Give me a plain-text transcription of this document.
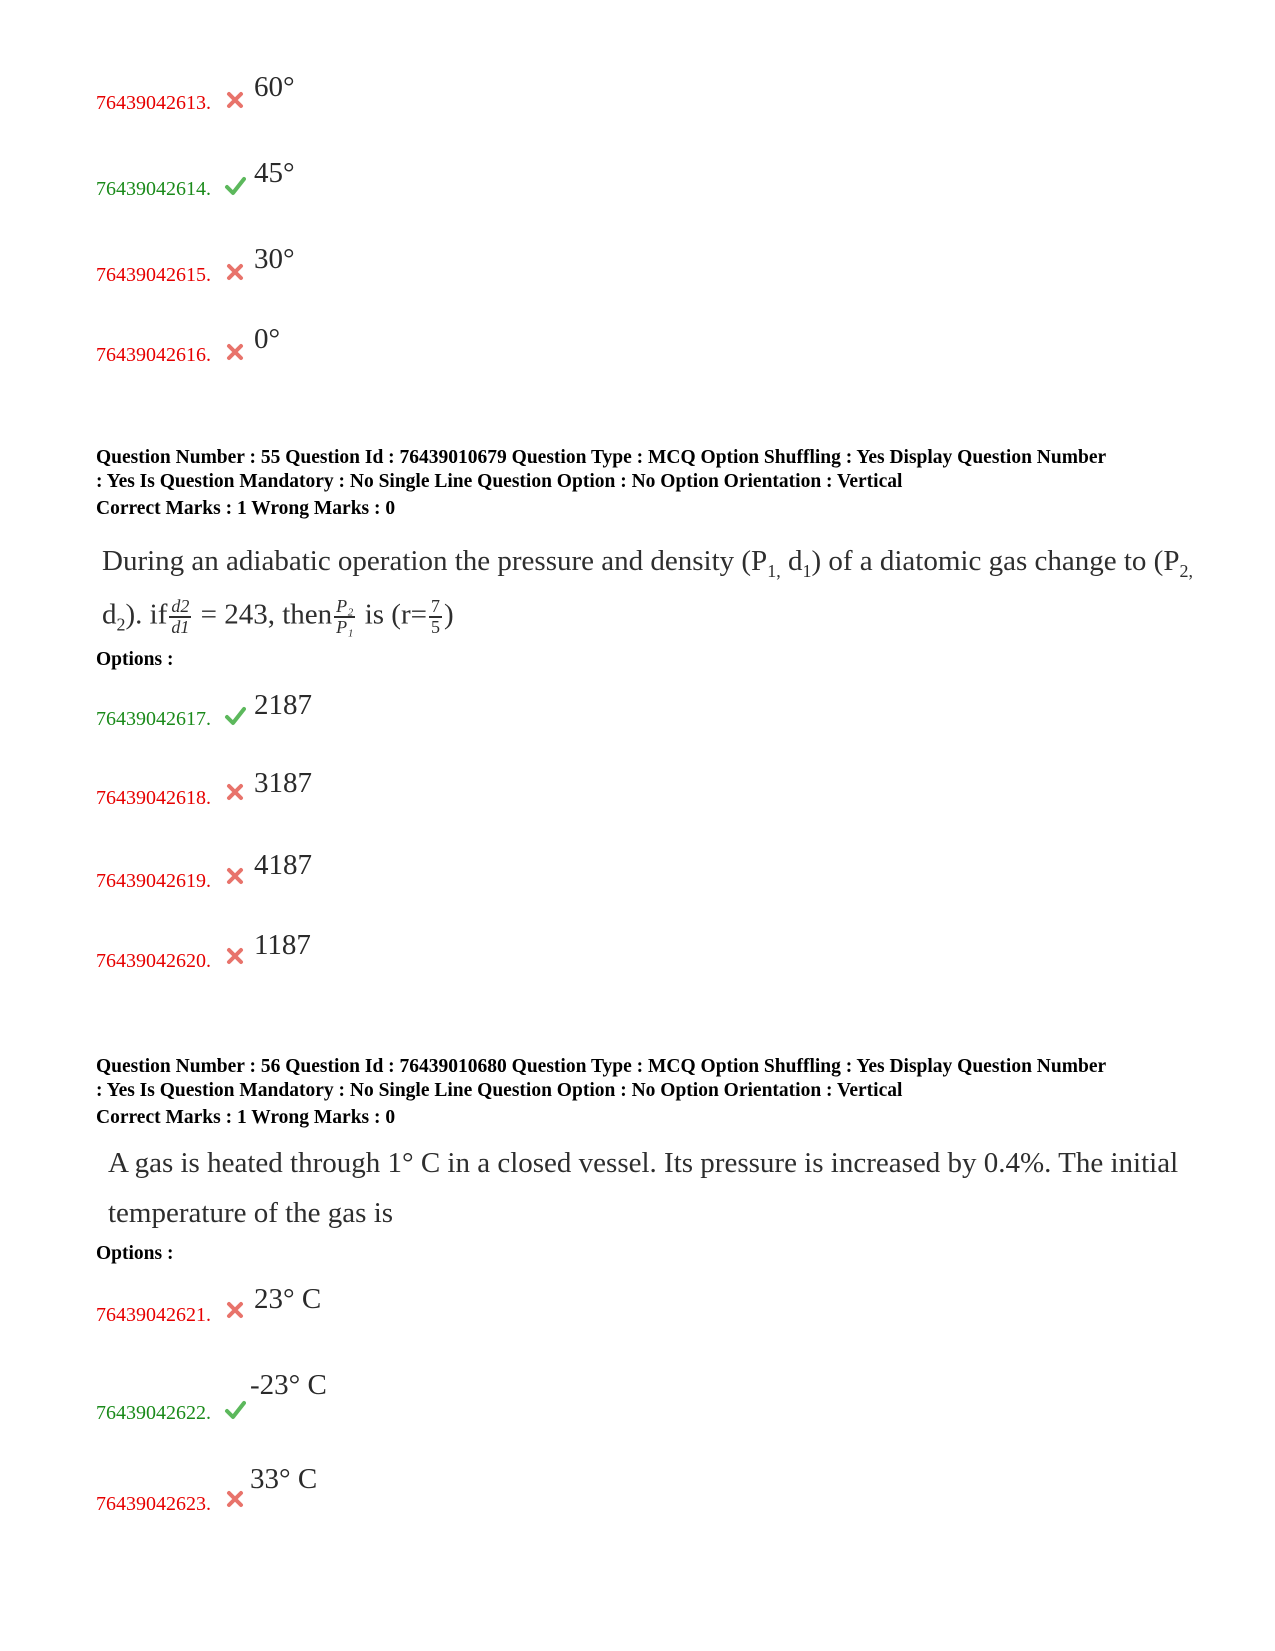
76439042613. 60°
76439042614. 45°
76439042615. 30°
76439042616. 0°
Question Number : 55 Question Id : 76439010679 Question Type : MCQ Option Shuffling : Yes Display Question Number
: Yes Is Question Mandatory : No Single Line Question Option : No Option Orientation : Vertical
Correct Marks : 1 Wrong Marks : 0
During an adiabatic operation the pressure and density ($P_{1,}$ $d_1$) of a diatomic gas change to ($P_{2,}$
$d_2$). if $\frac{d2}{d1} = 243$, then $\frac{\text{P₂}}{\text{P₁}}$ is ($r= \frac{7}{5}$ )
Options :
76439042617. 2187
76439042618. 3187
76439042619. 4187
76439042620. 1187
Question Number : 56 Question Id : 76439010680 Question Type : MCQ Option Shuffling : Yes Display Question Number
: Yes Is Question Mandatory : No Single Line Question Option : No Option Orientation : Vertical
Correct Marks : 1 Wrong Marks : 0
A gas is heated through 1° C in a closed vessel. Its pressure is increased by 0.4%. The initial
temperature of the gas is
Options :
76439042621. 23° C
76439042622.
-23° C
76439042623.
33° C
